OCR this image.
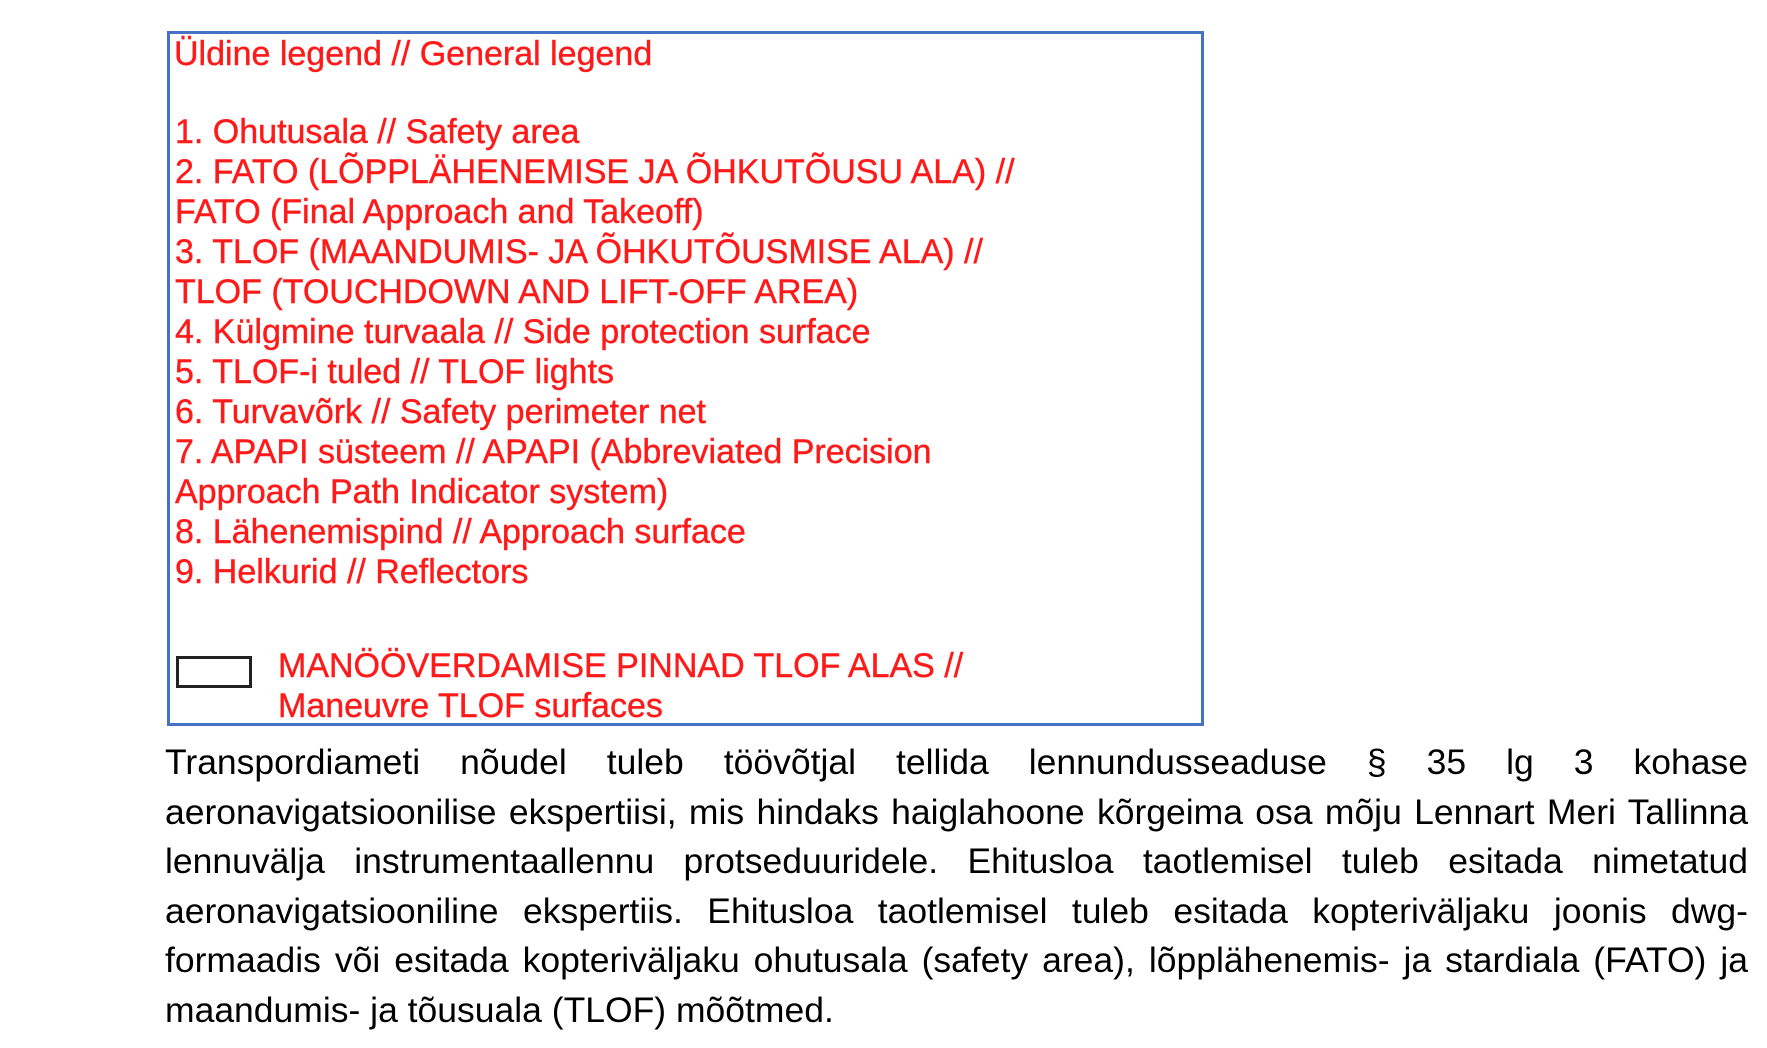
Üldine legend // General legend
1. Ohutusala // Safety area
2. FATO (LÕPPLÄHENEMISE JA ÕHKUTÕUSU ALA) //
FATO (Final Approach and Takeoff)
3. TLOF (MAANDUMIS- JA ÕHKUTÕUSMISE ALA) //
TLOF (TOUCHDOWN AND LIFT-OFF AREA)
4. Külgmine turvaala // Side protection surface
5. TLOF-i tuled // TLOF lights
6. Turvavõrk // Safety perimeter net
7. APAPI süsteem // APAPI (Abbreviated Precision
Approach Path Indicator system)
8. Lähenemispind // Approach surface
9. Helkurid // Reflectors
MANÖÖVERDAMISE PINNAD TLOF ALAS //
Maneuvre TLOF surfaces

Transpordiameti nõudel tuleb töövõtjal tellida lennundusseaduse § 35 lg 3 kohase aeronavigatsioonilise ekspertiisi, mis hindaks haiglahoone kõrgeima osa mõju Lennart Meri Tallinna lennuvälja instrumentaallennu protseduuridele. Ehitusloa taotlemisel tuleb esitada nimetatud aeronavigatsiooniline ekspertiis. Ehitusloa taotlemisel tuleb esitada kopteriväljaku joonis dwg-formaadis või esitada kopteriväljaku ohutusala (safety area), lõpplähenemis- ja stardiala (FATO) ja maandumis- ja tõusuala (TLOF) mõõtmed.
